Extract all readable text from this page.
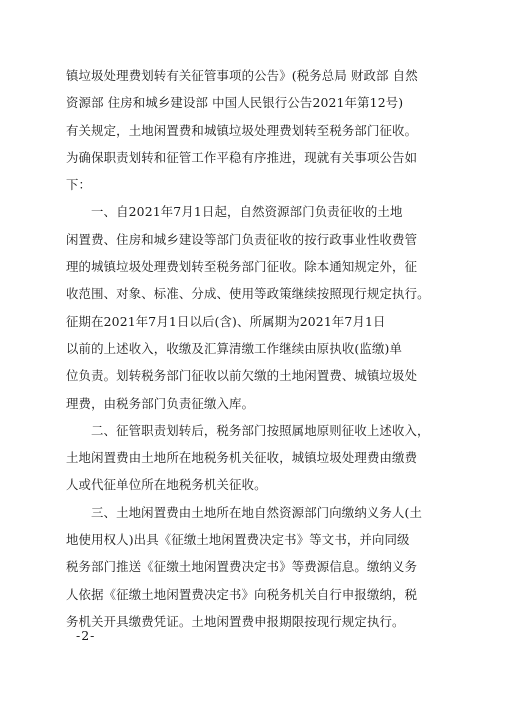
镇垃圾处理费划转有关征管事项的公告》(税务总局 财政部 自然
资源部 住房和城乡建设部 中国人民银行公告2021年第12号)
有关规定，土地闲置费和城镇垃圾处理费划转至税务部门征收。
为确保职责划转和征管工作平稳有序推进，现就有关事项公告如
下：
一、自2021年7月1日起，自然资源部门负责征收的土地
闲置费、住房和城乡建设等部门负责征收的按行政事业性收费管
理的城镇垃圾处理费划转至税务部门征收。除本通知规定外，征
收范围、对象、标准、分成、使用等政策继续按照现行规定执行。
征期在2021年7月1日以后(含)、所属期为2021年7月1日
以前的上述收入，收缴及汇算清缴工作继续由原执收(监缴)单
位负责。划转税务部门征收以前欠缴的土地闲置费、城镇垃圾处
理费，由税务部门负责征缴入库。
二、征管职责划转后，税务部门按照属地原则征收上述收入，
土地闲置费由土地所在地税务机关征收，城镇垃圾处理费由缴费
人或代征单位所在地税务机关征收。
三、土地闲置费由土地所在地自然资源部门向缴纳义务人(土
地使用权人)出具《征缴土地闲置费决定书》等文书，并向同级
税务部门推送《征缴土地闲置费决定书》等费源信息。缴纳义务
人依据《征缴土地闲置费决定书》向税务机关自行申报缴纳，税
务机关开具缴费凭证。土地闲置费申报期限按现行规定执行。
-2-
